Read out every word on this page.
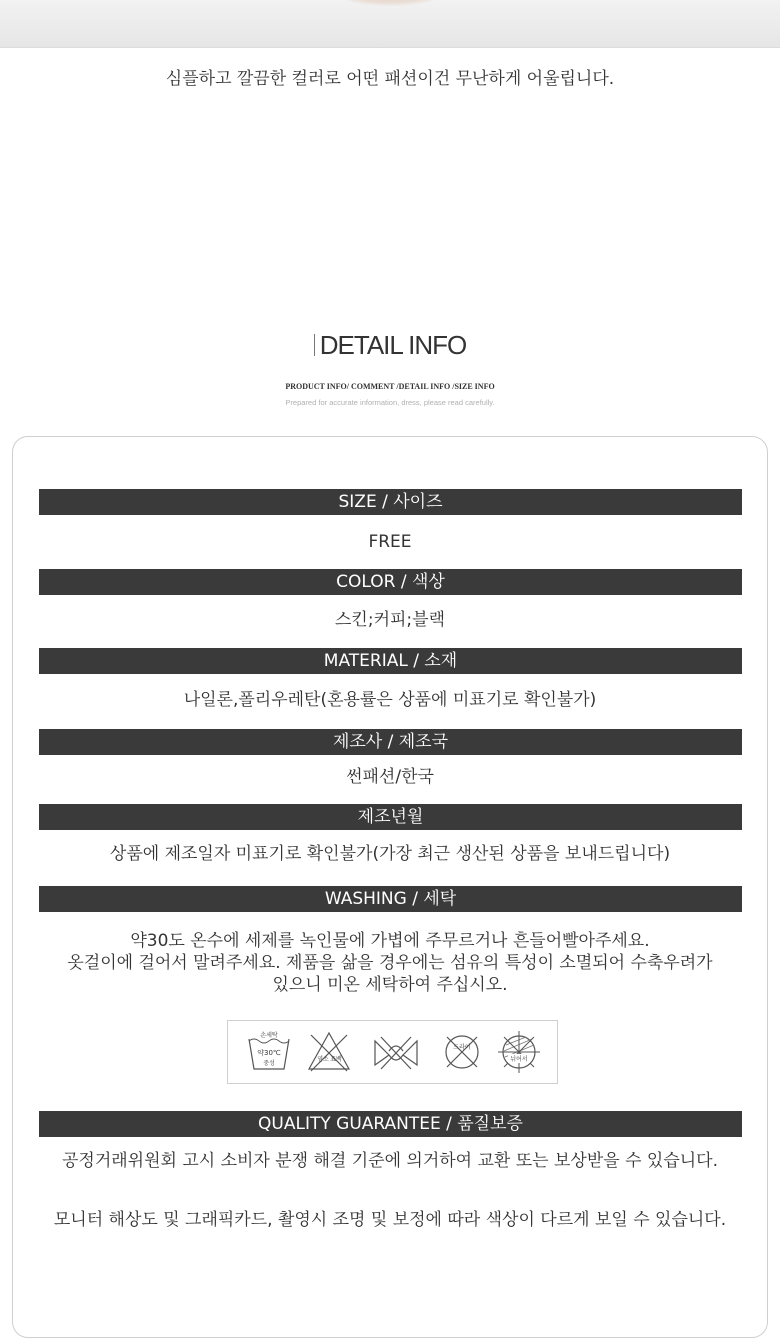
심플하고 깔끔한 컬러로 어떤 패션이건 무난하게 어울립니다.
DETAIL INFO
PRODUCT INFO/ COMMENT /DETAIL INFO /SIZE INFO
Prepared for accurate information, dress, please read carefully.
SIZE / 사이즈
FREE
COLOR / 색상
스킨;커피;블랙
MATERIAL / 소재
나일론,폴리우레탄(혼용률은 상품에 미표기로 확인불가)
제조사 / 제조국
썬패션/한국
제조년월
상품에 제조일자 미표기로 확인불가(가장 최근 생산된 상품을 보내드립니다)
WASHING / 세탁
약30도 온수에 세제를 녹인물에 가볍에 주무르거나 흔들어빨아주세요.
옷걸이에 걸어서 말려주세요. 제품을 삶을 경우에는 섬유의 특성이 소멸되어 수축우려가
있으니 미온 세탁하여 주십시오.
손세탁
약30℃
중성
염소 표백
드라이
뉘어서
QUALITY GUARANTEE / 품질보증
공정거래위원회 고시 소비자 분쟁 해결 기준에 의거하여 교환 또는 보상받을 수 있습니다.
모니터 해상도 및 그래픽카드, 촬영시 조명 및 보정에 따라 색상이 다르게 보일 수 있습니다.
